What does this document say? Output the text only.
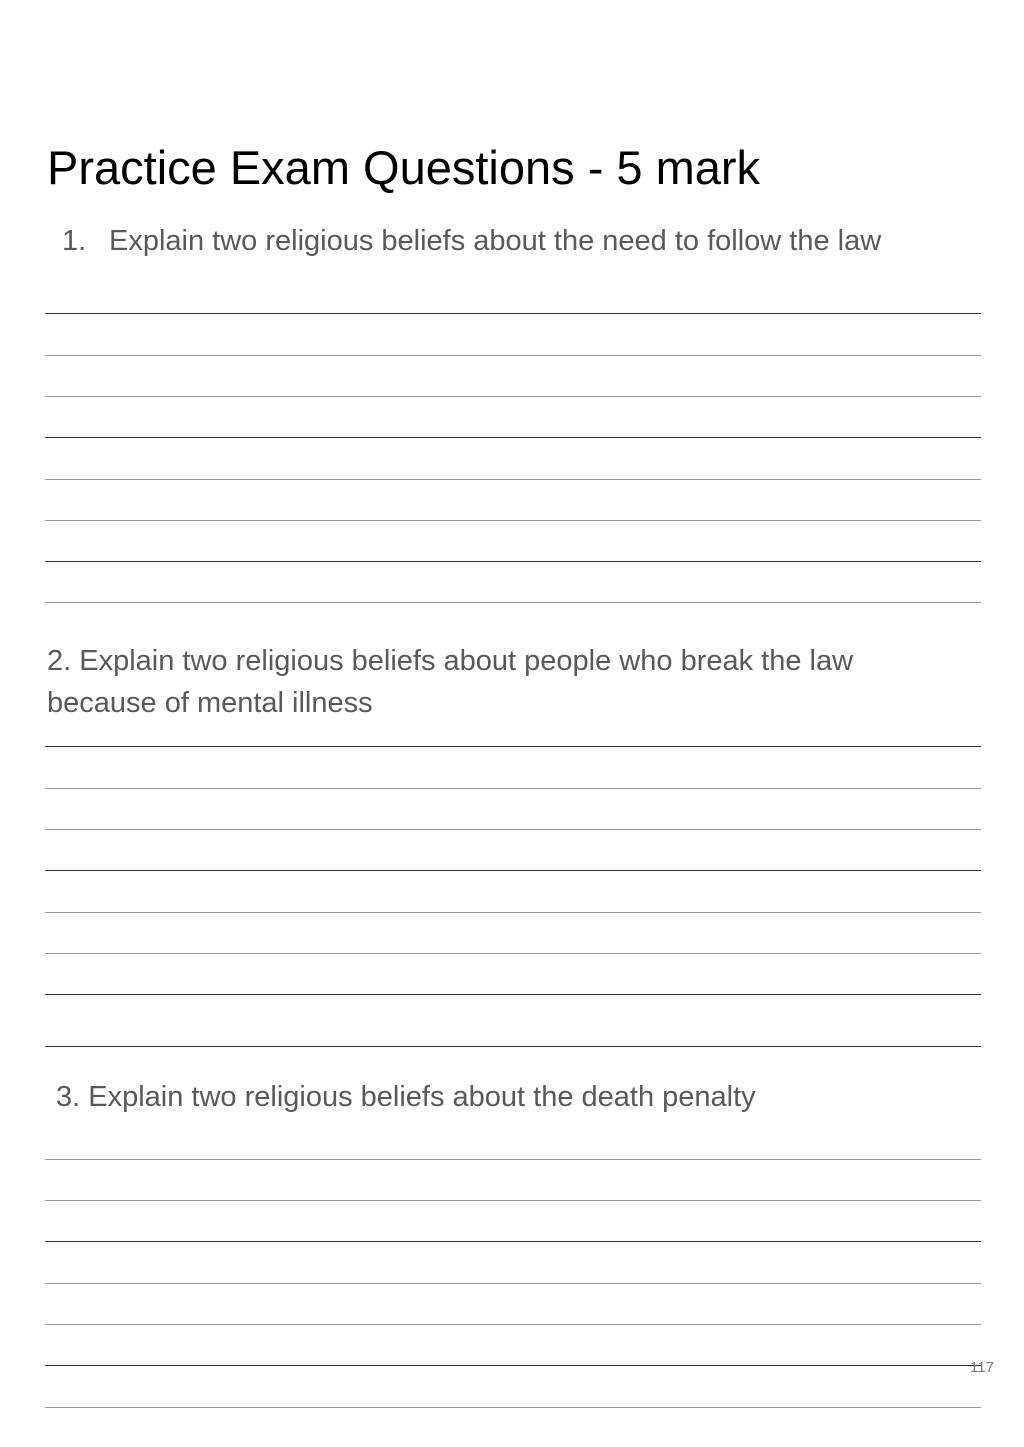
Practice Exam Questions - 5 mark

1. Explain two religious beliefs about the need to follow the law

2. Explain two religious beliefs about people who break the law because of mental illness

3. Explain two religious beliefs about the death penalty

117
